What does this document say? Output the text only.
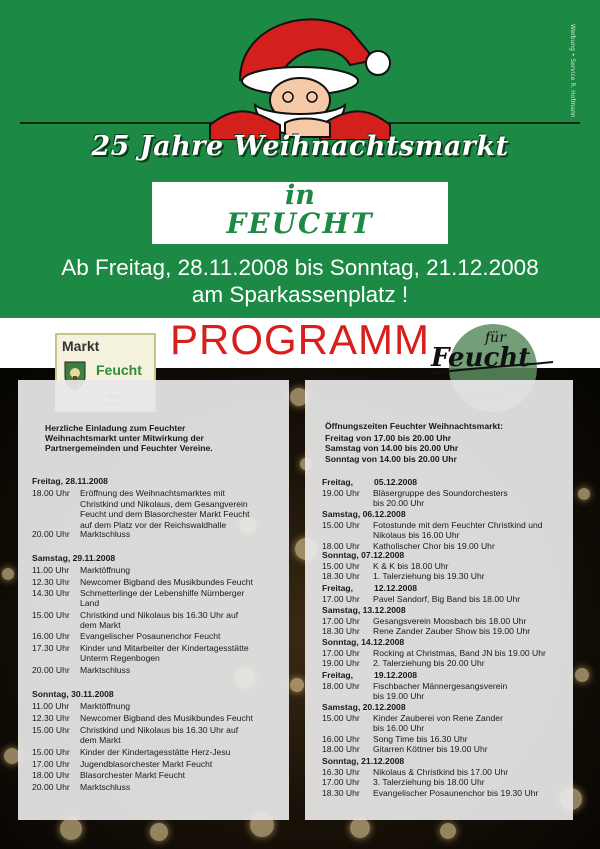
Werbung • Service R. Hofmann
25 Jahre Weihnachtsmarkt
in
FEUCHT
Ab Freitag, 28.11.2008 bis Sonntag, 21.12.2008
am Sparkassenplatz !
PROGRAMM
Markt
Feucht
für
Feucht
Herzliche Einladung zum Feuchter
Weihnachtsmarkt unter Mitwirkung der
Partnergemeinden und Feuchter Vereine.
Freitag, 28.11.2008
18.00 Uhr	Eröffnung des Weihnachtsmarktes mit
Christkind und Nikolaus, dem Gesangverein
Feucht und dem Blasorchester Markt Feucht
auf dem Platz vor der Reichswaldhalle
20.00 Uhr	Marktschluss
Samstag, 29.11.2008
11.00 Uhr	Marktöffnung
12.30 Uhr	Newcomer Bigband des Musikbundes Feucht
14.30 Uhr	Schmetterlinge der Lebenshilfe Nürnberger
Land
15.00 Uhr	Christkind und Nikolaus bis 16.30 Uhr auf
dem Markt
16.00 Uhr	Evangelischer Posaunenchor Feucht
17.30 Uhr	Kinder und Mitarbeiter der Kindertagesstätte
Unterm Regenbogen
20.00 Uhr	Marktschluss
Sonntag, 30.11.2008
11.00 Uhr	Marktöffnung
12.30 Uhr	Newcomer Bigband des Musikbundes Feucht
15.00 Uhr	Christkind und Nikolaus bis 16.30 Uhr auf
dem Markt
15.00 Uhr	Kinder der Kindertagesstätte Herz-Jesu
17.00 Uhr	Jugendblasorchester Markt Feucht
18.00 Uhr	Blasorchester Markt Feucht
20.00 Uhr	Marktschluss
Öffnungszeiten Feuchter Weihnachtsmarkt:
Freitag von 17.00 bis 20.00 Uhr
Samstag von 14.00 bis 20.00 Uhr
Sonntag von 14.00 bis 20.00 Uhr
Freitag, 05.12.2008
19.00 Uhr	Bläsergruppe des Soundorchesters
bis 20.00 Uhr
Samstag, 06.12.2008
15.00 Uhr	Fotostunde mit dem Feuchter Christkind und
Nikolaus bis 16.00 Uhr
18.00 Uhr	Katholischer Chor bis 19.00 Uhr
Sonntag, 07.12.2008
15.00 Uhr	K & K bis 18.00 Uhr
18.30 Uhr	1. Talerziehung bis 19.30 Uhr
Freitag, 12.12.2008
17.00 Uhr	Pavel Sandorf, Big Band bis 18.00 Uhr
Samstag, 13.12.2008
17.00 Uhr	Gesangsverein Moosbach bis 18.00 Uhr
18.30 Uhr	Rene Zander Zauber Show bis 19.00 Uhr
Sonntag, 14.12.2008
17.00 Uhr	Rocking at Christmas, Band JN bis 19.00 Uhr
19.00 Uhr	2. Talerziehung bis 20.00 Uhr
Freitag, 19.12.2008
18.00 Uhr	Fischbacher Männergesangsverein
bis 19.00 Uhr
Samstag, 20.12.2008
15.00 Uhr	Kinder Zauberei von Rene Zander
bis 16.00 Uhr
16.00 Uhr	Song Time bis 16.30 Uhr
18.00 Uhr	Gitarren Köttner bis 19.00 Uhr
Sonntag, 21.12.2008
16.30 Uhr	Nikolaus & Christkind bis 17.00 Uhr
17.00 Uhr	3. Talerziehung bis 18.00 Uhr
18.30 Uhr	Evangelischer Posaunenchor bis 19.30 Uhr
